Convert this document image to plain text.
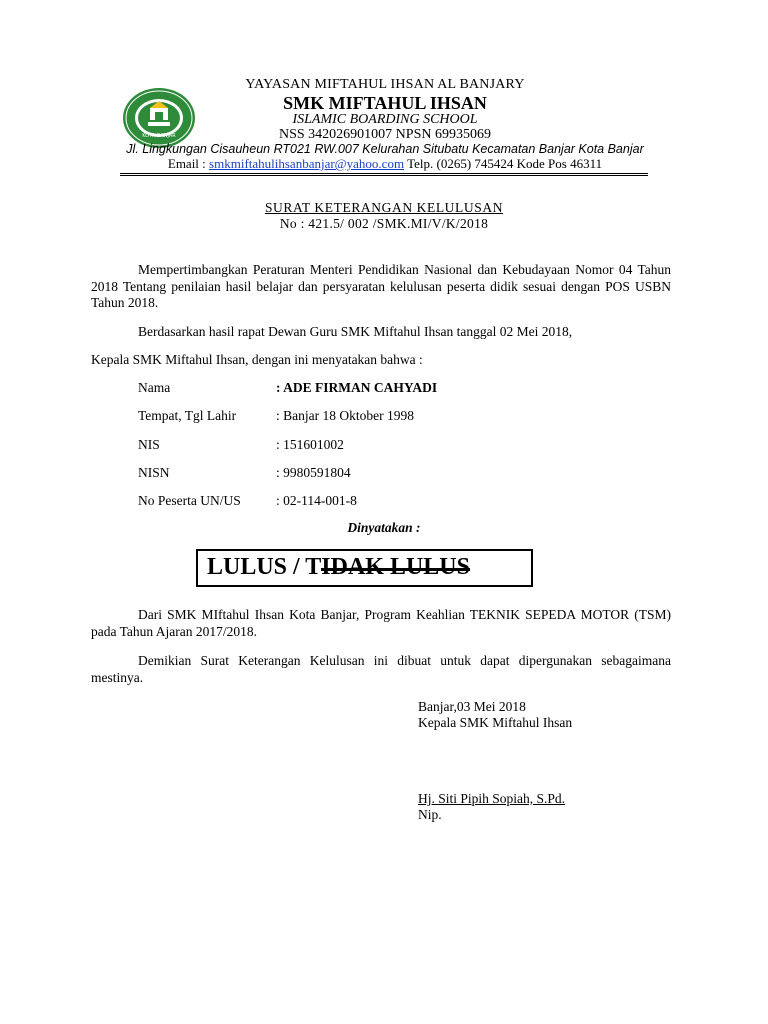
KOTA BANJAR
YAYASAN MIFTAHUL IHSAN AL BANJARY
SMK MIFTAHUL IHSAN
ISLAMIC BOARDING SCHOOL
NSS 342026901007 NPSN 69935069
Jl. Lingkungan Cisauheun RT021 RW.007 Kelurahan Situbatu Kecamatan Banjar Kota Banjar
Email : smkmiftahulihsanbanjar@yahoo.com Telp. (0265) 745424 Kode Pos 46311
SURAT KETERANGAN KELULUSAN
No : 421.5/ 002 /SMK.MI/V/K/2018
Mempertimbangkan Peraturan Menteri Pendidikan Nasional dan Kebudayaan Nomor 04 Tahun 2018 Tentang penilaian hasil belajar dan persyaratan kelulusan peserta didik sesuai dengan POS USBN Tahun 2018.
Berdasarkan hasil rapat Dewan Guru SMK Miftahul Ihsan tanggal 02 Mei 2018,
Kepala SMK Miftahul Ihsan, dengan ini menyatakan bahwa :
Nama	: ADE FIRMAN CAHYADI
Tempat, Tgl Lahir	: Banjar 18 Oktober 1998
NIS	: 151601002
NISN	: 9980591804
No Peserta UN/US	: 02-114-001-8
Dinyatakan :
LULUS / TIDAK LULUS
Dari SMK MIftahul Ihsan Kota Banjar, Program Keahlian TEKNIK SEPEDA MOTOR (TSM) pada Tahun Ajaran 2017/2018.
Demikian Surat Keterangan Kelulusan ini dibuat untuk dapat dipergunakan sebagaimana mestinya.
Banjar,03 Mei 2018
Kepala SMK Miftahul Ihsan
Hj. Siti Pipih Sopiah, S.Pd.
Nip.
